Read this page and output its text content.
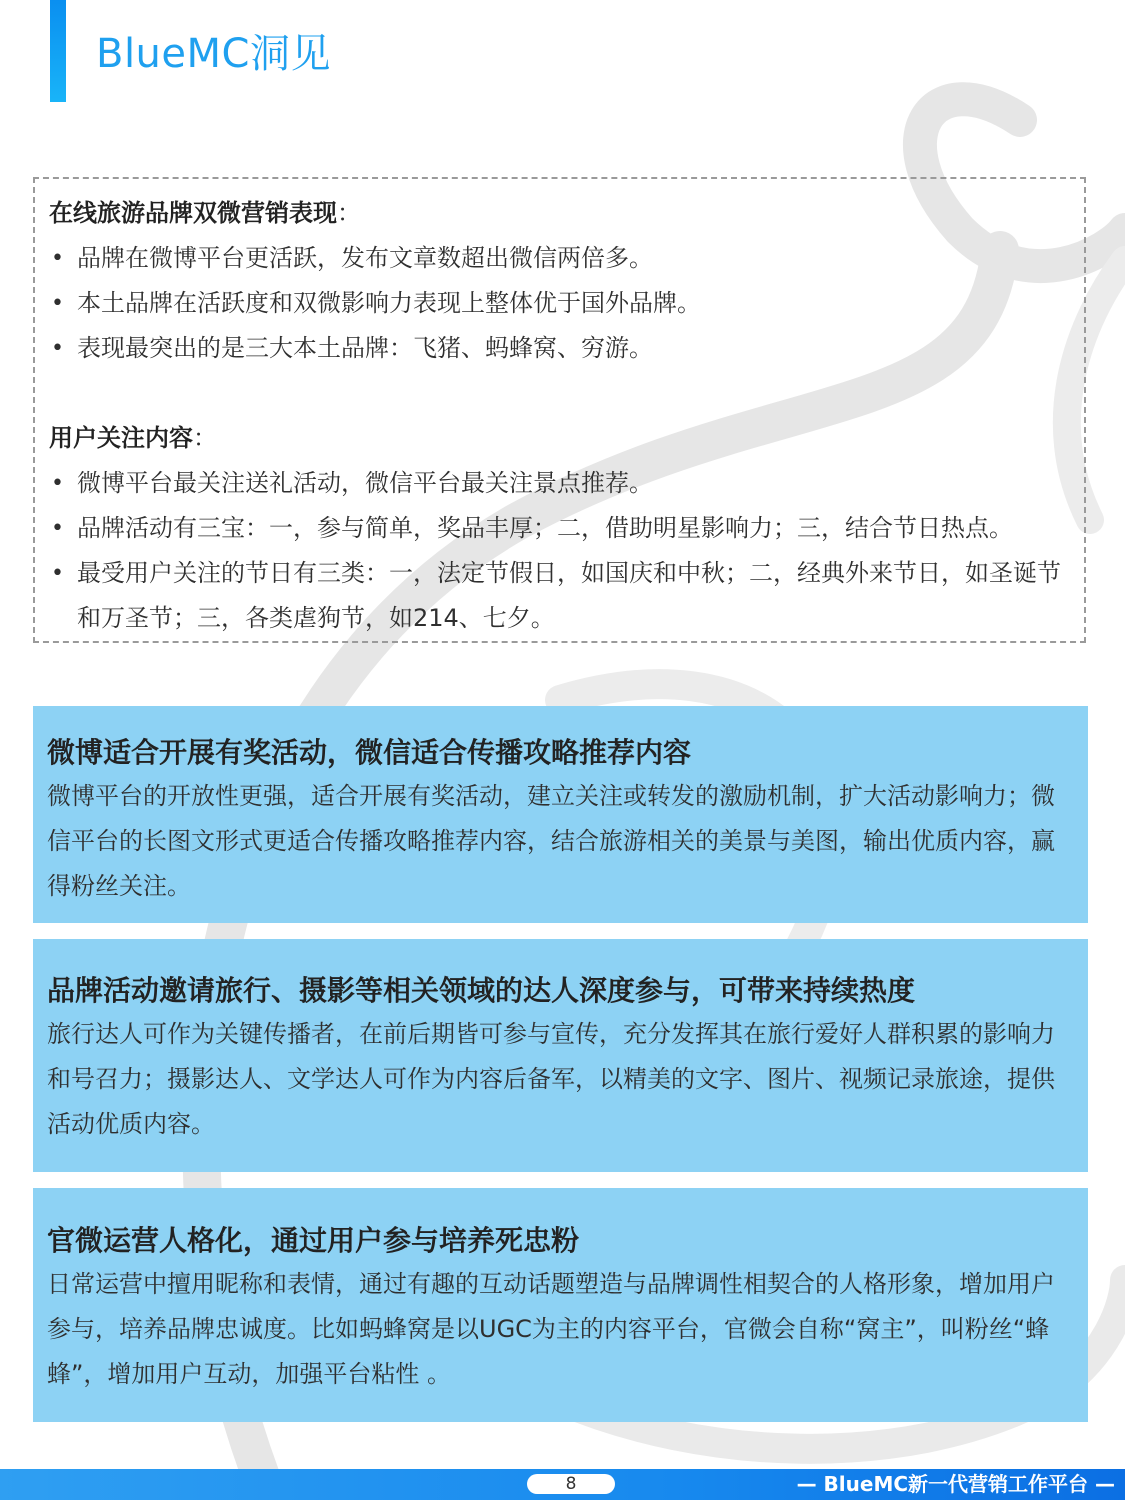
BlueMC洞见
在线旅游品牌双微营销表现：
• 品牌在微博平台更活跃，发布文章数超出微信两倍多。
• 本土品牌在活跃度和双微影响力表现上整体优于国外品牌。
• 表现最突出的是三大本土品牌：飞猪、蚂蜂窝、穷游。
用户关注内容：
• 微博平台最关注送礼活动，微信平台最关注景点推荐。
• 品牌活动有三宝：一，参与简单，奖品丰厚；二，借助明星影响力；三，结合节日热点。
• 最受用户关注的节日有三类：一，法定节假日，如国庆和中秋；二，经典外来节日，如圣诞节和万圣节；三，各类虐狗节，如214、七夕。
微博适合开展有奖活动，微信适合传播攻略推荐内容
微博平台的开放性更强，适合开展有奖活动，建立关注或转发的激励机制，扩大活动影响力；微信平台的长图文形式更适合传播攻略推荐内容，结合旅游相关的美景与美图，输出优质内容，赢得粉丝关注。
品牌活动邀请旅行、摄影等相关领域的达人深度参与，可带来持续热度
旅行达人可作为关键传播者，在前后期皆可参与宣传，充分发挥其在旅行爱好人群积累的影响力和号召力；摄影达人、文学达人可作为内容后备军，以精美的文字、图片、视频记录旅途，提供活动优质内容。
官微运营人格化，通过用户参与培养死忠粉
日常运营中擅用昵称和表情，通过有趣的互动话题塑造与品牌调性相契合的人格形象，增加用户参与，培养品牌忠诚度。比如蚂蜂窝是以UGC为主的内容平台，官微会自称“窝主”，叫粉丝“蜂蜂”，增加用户互动，加强平台粘性 。
8	— BlueMC新一代营销工作平台 —
